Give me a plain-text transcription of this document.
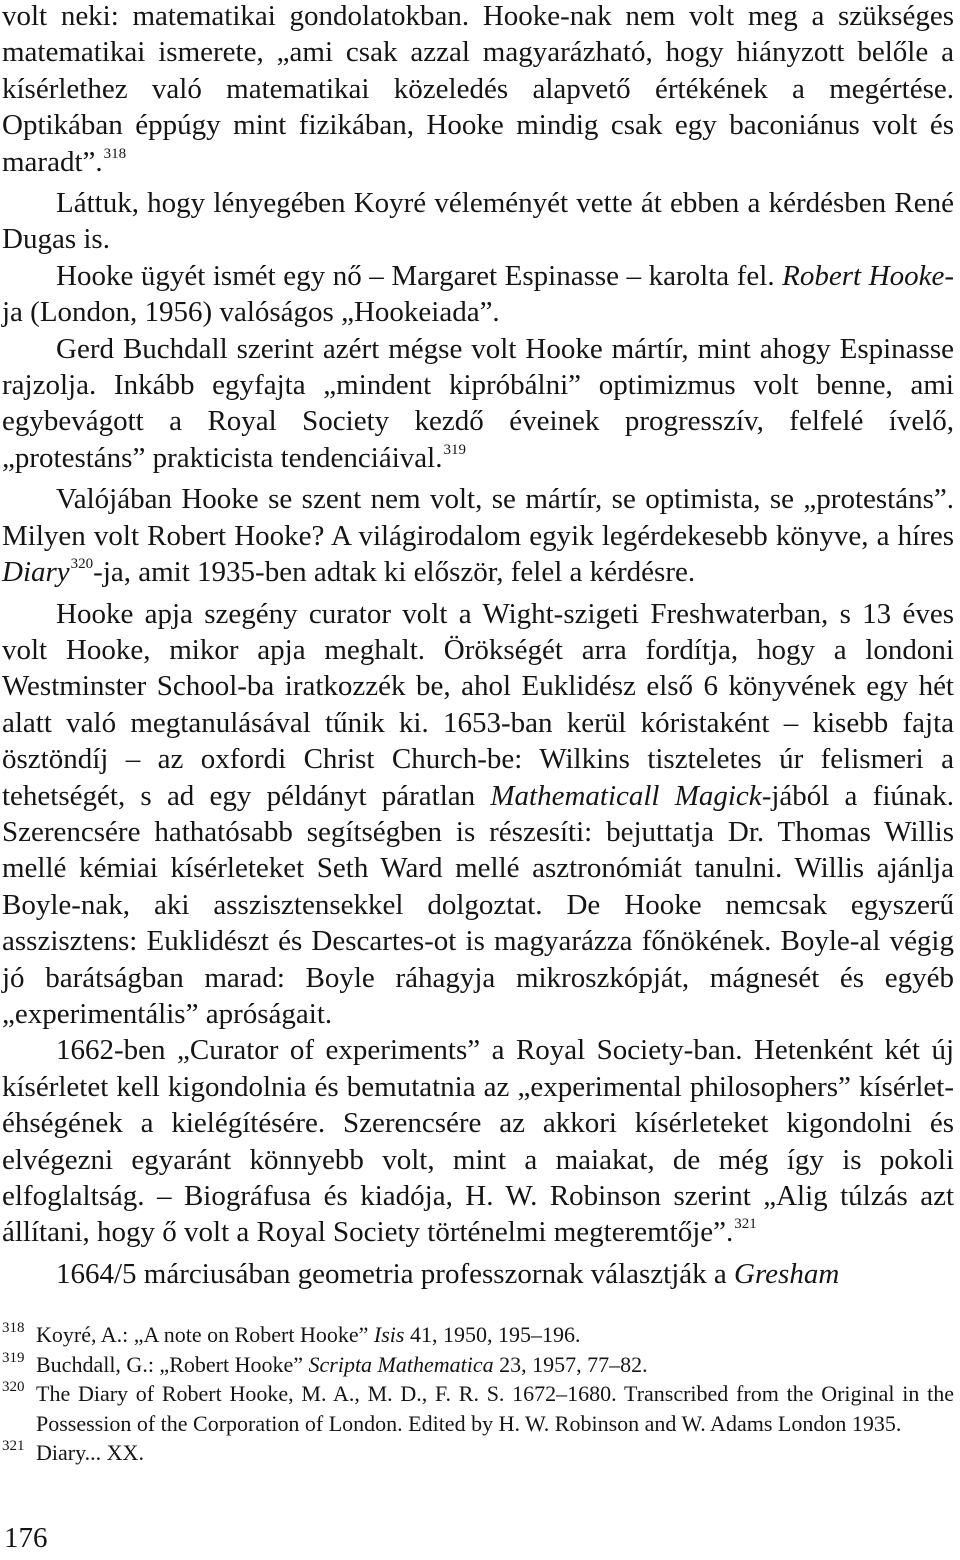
volt neki: matematikai gondolatokban. Hooke-nak nem volt meg a szükséges matematikai ismerete, „ami csak azzal magyarázható, hogy hiányzott belőle a kísérlethez való matematikai közeledés alapvető értékének a megértése. Optikában éppúgy mint fizikában, Hooke mindig csak egy baconiánus volt és maradt”.$^{318}$

Láttuk, hogy lényegében Koyré véleményét vette át ebben a kérdésben René Dugas is.

Hooke ügyét ismét egy nő – Margaret Espinasse – karolta fel. Robert Hooke-ja (London, 1956) valóságos „Hookeiada”.

Gerd Buchdall szerint azért mégse volt Hooke mártír, mint ahogy Espinasse rajzolja. Inkább egyfajta „mindent kipróbálni” optimizmus volt benne, ami egybevágott a Royal Society kezdő éveinek progresszív, felfelé ívelő, „protestáns” prakticista tendenciáival.$^{319}$

Valójában Hooke se szent nem volt, se mártír, se optimista, se „protestáns”. Milyen volt Robert Hooke? A világirodalom egyik legérdekesebb könyve, a híres Diary$^{320}$-ja, amit 1935-ben adtak ki először, felel a kérdésre.

Hooke apja szegény curator volt a Wight-szigeti Freshwaterban, s 13 éves volt Hooke, mikor apja meghalt. Örökségét arra fordítja, hogy a londoni Westminster School-ba iratkozzék be, ahol Euklidész első 6 könyvének egy hét alatt való megtanulásával tűnik ki. 1653-ban kerül kóristaként – kisebb fajta ösztöndíj – az oxfordi Christ Church-be: Wilkins tiszteletes úr felismeri a tehetségét, s ad egy példányt páratlan Mathematicall Magick-jából a fiúnak. Szerencsére hathatósabb segítségben is részesíti: bejuttatja Dr. Thomas Willis mellé kémiai kísérleteket Seth Ward mellé asztronómiát tanulni. Willis ajánlja Boyle-nak, aki asszisztensekkel dolgoztat. De Hooke nemcsak egyszerű asszisztens: Euklidészt és Descartes-ot is magyarázza főnökének. Boyle-al végig jó barátságban marad: Boyle ráhagyja mikroszkópját, mágnesét és egyéb „experimentális” apróságait.

1662-ben „Curator of experiments” a Royal Society-ban. Hetenként két új kísérletet kell kigondolnia és bemutatnia az „experimental philosophers” kísérlet-éhségének a kielégítésére. Szerencsére az akkori kísérleteket kigondolni és elvégezni egyaránt könnyebb volt, mint a maiakat, de még így is pokoli elfoglaltság. – Biográfusa és kiadója, H. W. Robinson szerint „Alig túlzás azt állítani, hogy ő volt a Royal Society történelmi megteremtője”.$^{321}$

1664/5 márciusában geometria professzornak választják a Gresham

318 Koyré, A.: „A note on Robert Hooke” Isis 41, 1950, 195–196.
319 Buchdall, G.: „Robert Hooke” Scripta Mathematica 23, 1957, 77–82.
320 The Diary of Robert Hooke, M. A., M. D., F. R. S. 1672–1680. Transcribed from the Original in the Possession of the Corporation of London. Edited by H. W. Robinson and W. Adams London 1935.
321 Diary... XX.
176
